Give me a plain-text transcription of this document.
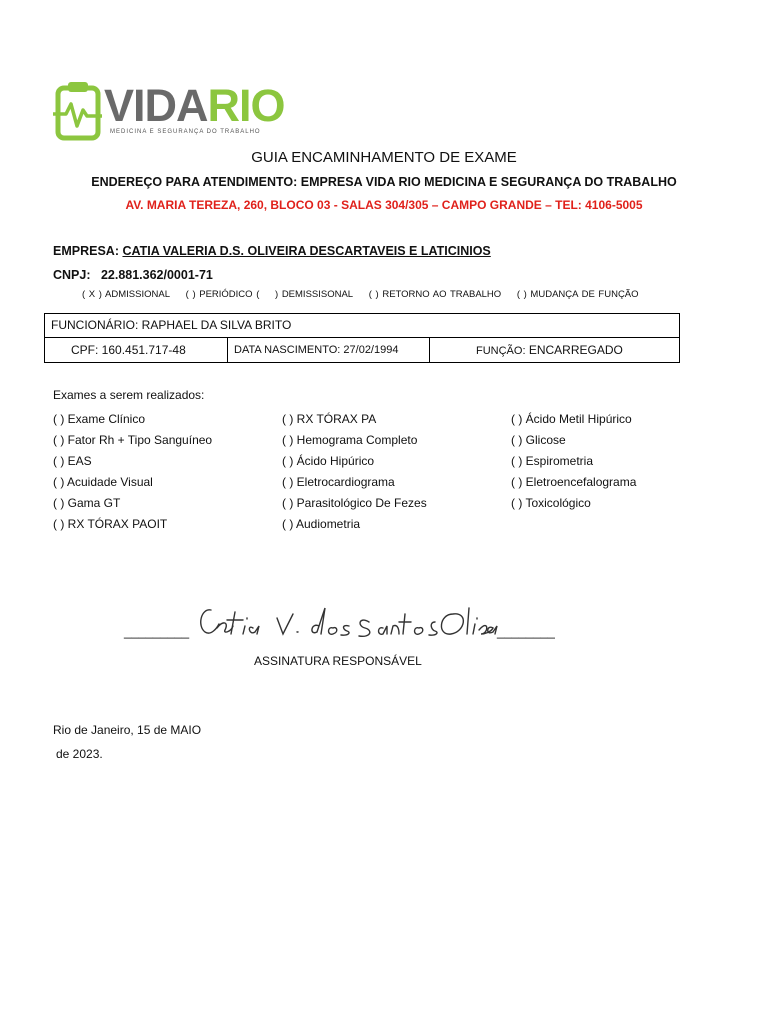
VIDARIO
MEDICINA E SEGURANÇA DO TRABALHO
GUIA ENCAMINHAMENTO DE EXAME
ENDEREÇO PARA ATENDIMENTO: EMPRESA VIDA RIO MEDICINA E SEGURANÇA DO TRABALHO
AV. MARIA TEREZA, 260, BLOCO 03 - SALAS 304/305 – CAMPO GRANDE – TEL: 4106-5005
EMPRESA: CATIA VALERIA D.S. OLIVEIRA DESCARTAVEIS E LATICINIOS
CNPJ: 22.881.362/0001-71
( X ) ADMISSIONAL ( ) PERIÓDICO ( ) DEMISSISONAL ( ) RETORNO AO TRABALHO ( ) MUDANÇA DE FUNÇÃO
FUNCIONÁRIO: RAPHAEL DA SILVA BRITO
CPF: 160.451.717-48	DATA NASCIMENTO: 27/02/1994	FUNÇÃO: ENCARREGADO
Exames a serem realizados:
( ) Exame Clínico
( ) Fator Rh + Tipo Sanguíneo
( ) EAS
( ) Acuidade Visual
( ) Gama GT
( ) RX TÓRAX PAOIT
( ) RX TÓRAX PA
( ) Hemograma Completo
( ) Ácido Hipúrico
( ) Eletrocardiograma
( ) Parasitológico De Fezes
( ) Audiometria
( ) Ácido Metil Hipúrico
( ) Glicose
( ) Espirometria
( ) Eletroencefalograma
( ) Toxicológico
_________	________
ASSINATURA RESPONSÁVEL
Rio de Janeiro, 15 de MAIO
de 2023.
